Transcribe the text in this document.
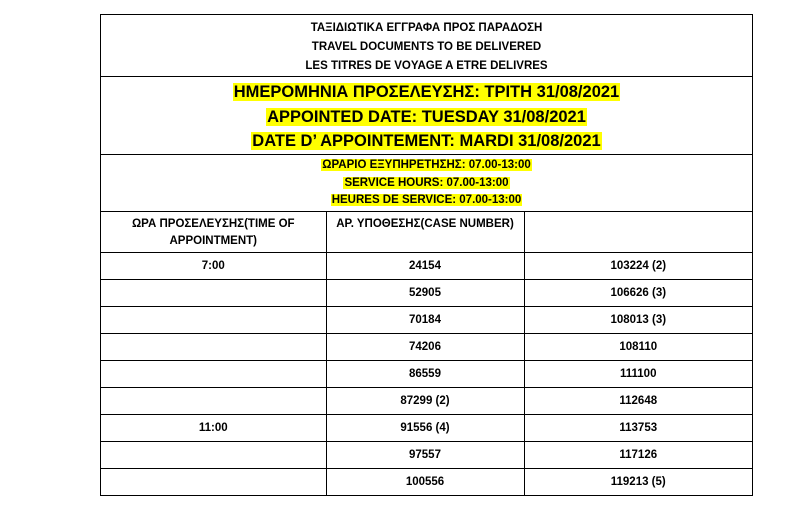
ΤΑΞΙΔΙΩΤΙΚΑ ΕΓΓΡΑΦΑ ΠΡΟΣ ΠΑΡΑΔΟΣΗ
TRAVEL DOCUMENTS TO BE DELIVERED
LES TITRES DE VOYAGE A ETRE DELIVRES
ΗΜΕΡΟΜΗΝΙΑ ΠΡΟΣΕΛΕΥΣΗΣ: ΤΡΙΤΗ 31/08/2021
APPOINTED DATE: TUESDAY 31/08/2021
DATE D’ APPOINTEMENT: MARDI 31/08/2021
ΩΡΑΡΙΟ ΕΞΥΠΗΡΕΤΗΣΗΣ: 07.00-13:00
SERVICE HOURS: 07.00-13:00
HEURES DE SERVICE: 07.00-13:00
ΩΡΑ ΠΡΟΣΕΛΕΥΣΗΣ(TIME OF APPOINTMENT)	ΑΡ. ΥΠΟΘΕΣΗΣ(CASE NUMBER)	

7:00	24154	103224 (2)
	52905	106626 (3)
	70184	108013 (3)
	74206	108110
	86559	111100
	87299 (2)	112648
11:00	91556 (4)	113753
	97557	117126
	100556	119213 (5)
